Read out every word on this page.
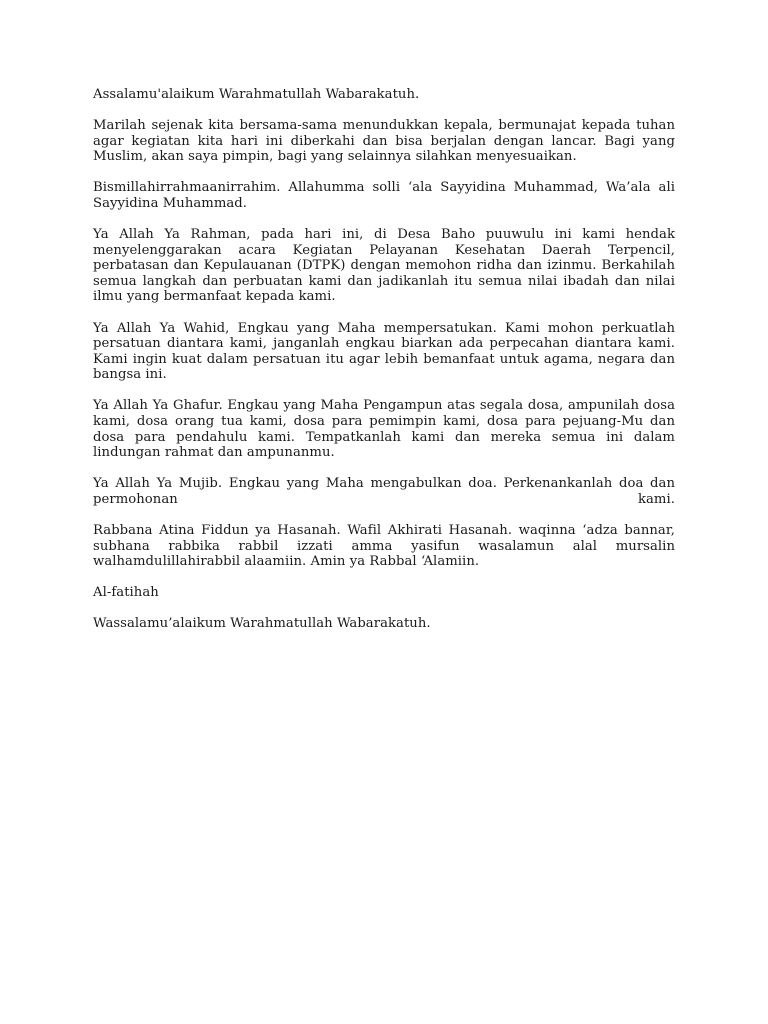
Assalamu'alaikum Warahmatullah Wabarakatuh.

Marilah sejenak kita bersama-sama menundukkan kepala, bermunajat kepada tuhan agar kegiatan kita hari ini diberkahi dan bisa berjalan dengan lancar. Bagi yang Muslim, akan saya pimpin, bagi yang selainnya silahkan menyesuaikan.

Bismillahirrahmaanirrahim. Allahumma solli ‘ala Sayyidina Muhammad, Wa’ala ali Sayyidina Muhammad.

Ya Allah Ya Rahman, pada hari ini, di Desa Baho puuwulu ini kami hendak menyelenggarakan acara Kegiatan Pelayanan Kesehatan Daerah Terpencil, perbatasan dan Kepulauanan (DTPK) dengan memohon ridha dan izinmu. Berkahilah semua langkah dan perbuatan kami dan jadikanlah itu semua nilai ibadah dan nilai ilmu yang bermanfaat kepada kami.

Ya Allah Ya Wahid, Engkau yang Maha mempersatukan. Kami mohon perkuatlah persatuan diantara kami, janganlah engkau biarkan ada perpecahan diantara kami. Kami ingin kuat dalam persatuan itu agar lebih bemanfaat untuk agama, negara dan bangsa ini.

Ya Allah Ya Ghafur. Engkau yang Maha Pengampun atas segala dosa, ampunilah dosa kami, dosa orang tua kami, dosa para pemimpin kami, dosa para pejuang-Mu dan dosa para pendahulu kami. Tempatkanlah kami dan mereka semua ini dalam lindungan rahmat dan ampunanmu.

Ya Allah Ya Mujib. Engkau yang Maha mengabulkan doa. Perkenankanlah doa dan

permohonan	kami.

Rabbana Atina Fiddun ya Hasanah. Wafil Akhirati Hasanah. waqinna ‘adza bannar, subhana rabbika rabbil izzati amma yasifun wasalamun alal mursalin walhamdulillahirabbil alaamiin. Amin ya Rabbal ‘Alamiin.

Al-fatihah

Wassalamu’alaikum Warahmatullah Wabarakatuh.
